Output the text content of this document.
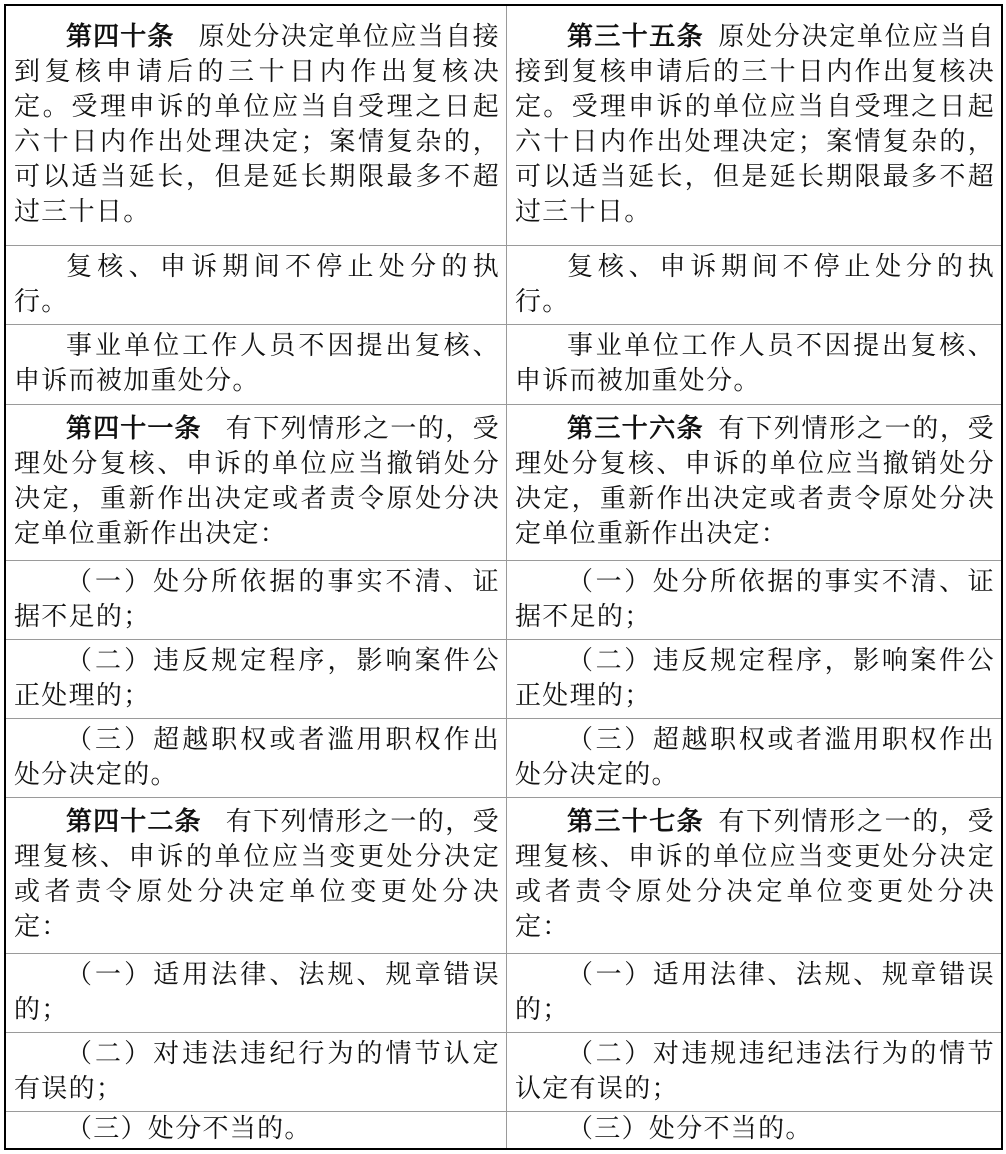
第四十条 原处分决定单位应当自接到复核申请后的三十日内作出复核决定。受理申诉的单位应当自受理之日起六十日内作出处理决定；案情复杂的，可以适当延长，但是延长期限最多不超过三十日。	第三十五条 原处分决定单位应当自接到复核申请后的三十日内作出复核决定。受理申诉的单位应当自受理之日起六十日内作出处理决定；案情复杂的，可以适当延长，但是延长期限最多不超过三十日。

复核、申诉期间不停止处分的执行。	复核、申诉期间不停止处分的执行。

事业单位工作人员不因提出复核、申诉而被加重处分。	事业单位工作人员不因提出复核、申诉而被加重处分。

第四十一条 有下列情形之一的，受理处分复核、申诉的单位应当撤销处分决定，重新作出决定或者责令原处分决定单位重新作出决定：	第三十六条 有下列情形之一的，受理处分复核、申诉的单位应当撤销处分决定，重新作出决定或者责令原处分决定单位重新作出决定：

（一）处分所依据的事实不清、证据不足的；	（一）处分所依据的事实不清、证据不足的；

（二）违反规定程序，影响案件公正处理的；	（二）违反规定程序，影响案件公正处理的；

（三）超越职权或者滥用职权作出处分决定的。	（三）超越职权或者滥用职权作出处分决定的。

第四十二条 有下列情形之一的，受理复核、申诉的单位应当变更处分决定或者责令原处分决定单位变更处分决定：	第三十七条 有下列情形之一的，受理复核、申诉的单位应当变更处分决定或者责令原处分决定单位变更处分决定：

（一）适用法律、法规、规章错误的；	（一）适用法律、法规、规章错误的；

（二）对违法违纪行为的情节认定有误的；	（二）对违规违纪违法行为的情节认定有误的；

（三）处分不当的。	（三）处分不当的。
